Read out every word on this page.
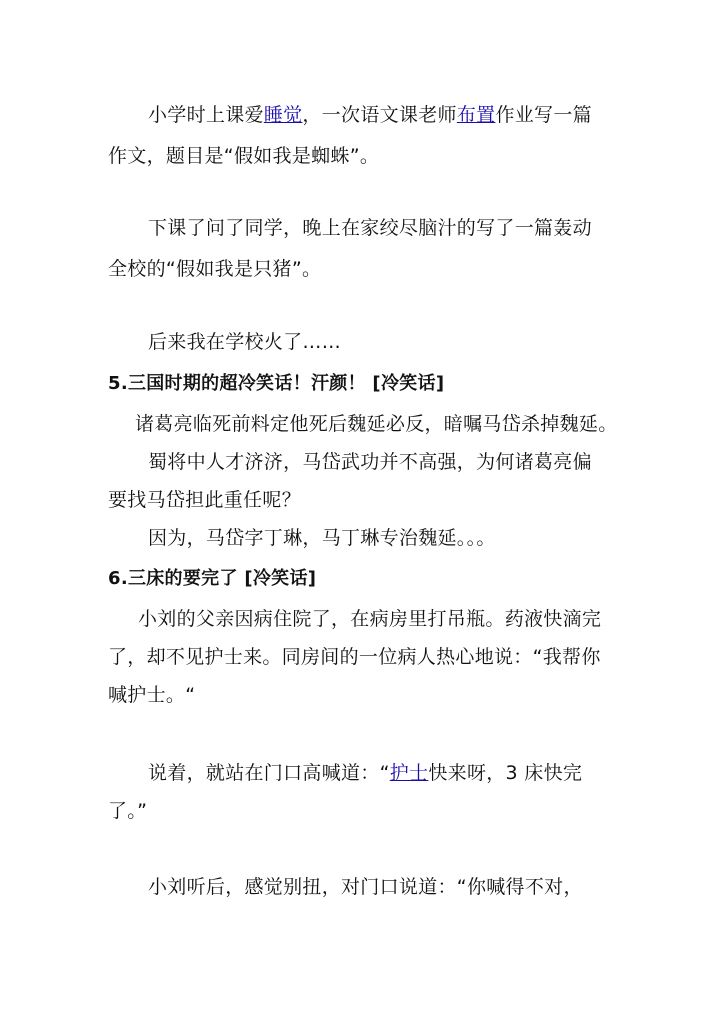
小学时上课爱睡觉，一次语文课老师布置作业写一篇
作文，题目是“假如我是蜘蛛”。
下课了问了同学，晚上在家绞尽脑汁的写了一篇轰动
全校的“假如我是只猪”。
后来我在学校火了……
5.三国时期的超冷笑话！汗颜！ [冷笑话]
诸葛亮临死前料定他死后魏延必反，暗嘱马岱杀掉魏延。
蜀将中人才济济，马岱武功并不高强，为何诸葛亮偏
要找马岱担此重任呢？
因为，马岱字丁琳，马丁琳专治魏延。。。
6.三床的要完了 [冷笑话]
小刘的父亲因病住院了，在病房里打吊瓶。药液快滴完
了，却不见护士来。同房间的一位病人热心地说：“我帮你
喊护士。“
说着，就站在门口高喊道：“护士快来呀，3 床快完
了。”
小刘听后，感觉别扭，对门口说道：“你喊得不对，
